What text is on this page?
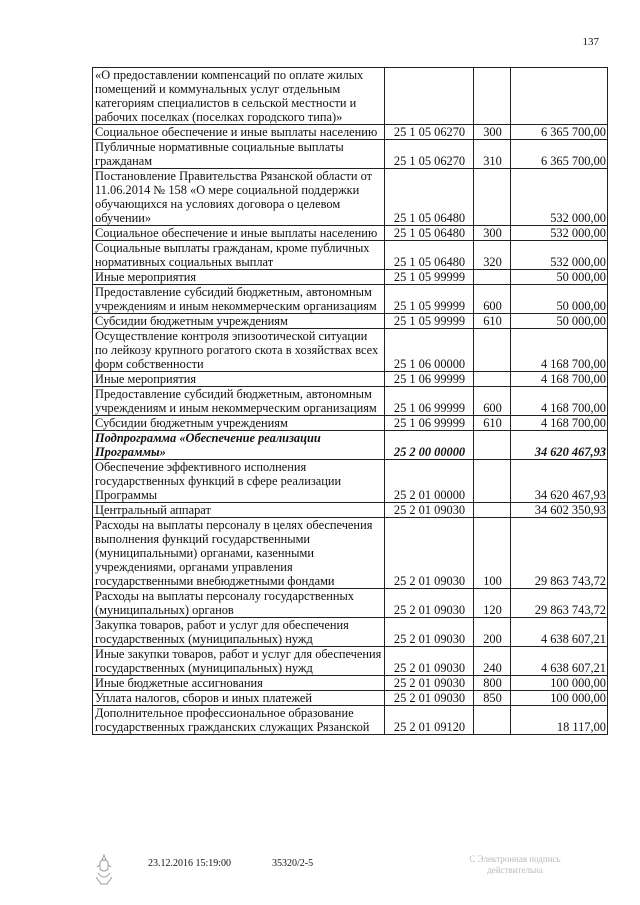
137
«О предоставлении компенсаций по оплате жилых помещений и коммунальных услуг отдельным категориям специалистов в сельской местности и рабочих поселках (поселках городского типа)»			
Социальное обеспечение и иные выплаты населению	25 1 05 06270	300	6 365 700,00
Публичные нормативные социальные выплаты гражданам	25 1 05 06270	310	6 365 700,00
Постановление Правительства Рязанской области от 11.06.2014 № 158 «О мере социальной поддержки обучающихся на условиях договора о целевом обучении»	25 1 05 06480		532 000,00
Социальное обеспечение и иные выплаты населению	25 1 05 06480	300	532 000,00
Социальные выплаты гражданам, кроме публичных нормативных социальных выплат	25 1 05 06480	320	532 000,00
Иные мероприятия	25 1 05 99999		50 000,00
Предоставление субсидий бюджетным, автономным учреждениям и иным некоммерческим организациям	25 1 05 99999	600	50 000,00
Субсидии бюджетным учреждениям	25 1 05 99999	610	50 000,00
Осуществление контроля эпизоотической ситуации по лейкозу крупного рогатого скота в хозяйствах всех форм собственности	25 1 06 00000		4 168 700,00
Иные мероприятия	25 1 06 99999		4 168 700,00
Предоставление субсидий бюджетным, автономным учреждениям и иным некоммерческим организациям	25 1 06 99999	600	4 168 700,00
Субсидии бюджетным учреждениям	25 1 06 99999	610	4 168 700,00
Подпрограмма «Обеспечение реализации Программы»	25 2 00 00000		34 620 467,93
Обеспечение эффективного исполнения государственных функций в сфере реализации Программы	25 2 01 00000		34 620 467,93
Центральный аппарат	25 2 01 09030		34 602 350,93
Расходы на выплаты персоналу в целях обеспечения выполнения функций государственными (муниципальными) органами, казенными учреждениями, органами управления государственными внебюджетными фондами	25 2 01 09030	100	29 863 743,72
Расходы на выплаты персоналу государственных (муниципальных) органов	25 2 01 09030	120	29 863 743,72
Закупка товаров, работ и услуг для обеспечения государственных (муниципальных) нужд	25 2 01 09030	200	4 638 607,21
Иные закупки товаров, работ и услуг для обеспечения государственных (муниципальных) нужд	25 2 01 09030	240	4 638 607,21
Иные бюджетные ассигнования	25 2 01 09030	800	100 000,00
Уплата налогов, сборов и иных платежей	25 2 01 09030	850	100 000,00
Дополнительное профессиональное образование государственных гражданских служащих Рязанской	25 2 01 09120		18 117,00
23.12.2016 15:19:00	35320/2-5	С Электронная подпись действительна
